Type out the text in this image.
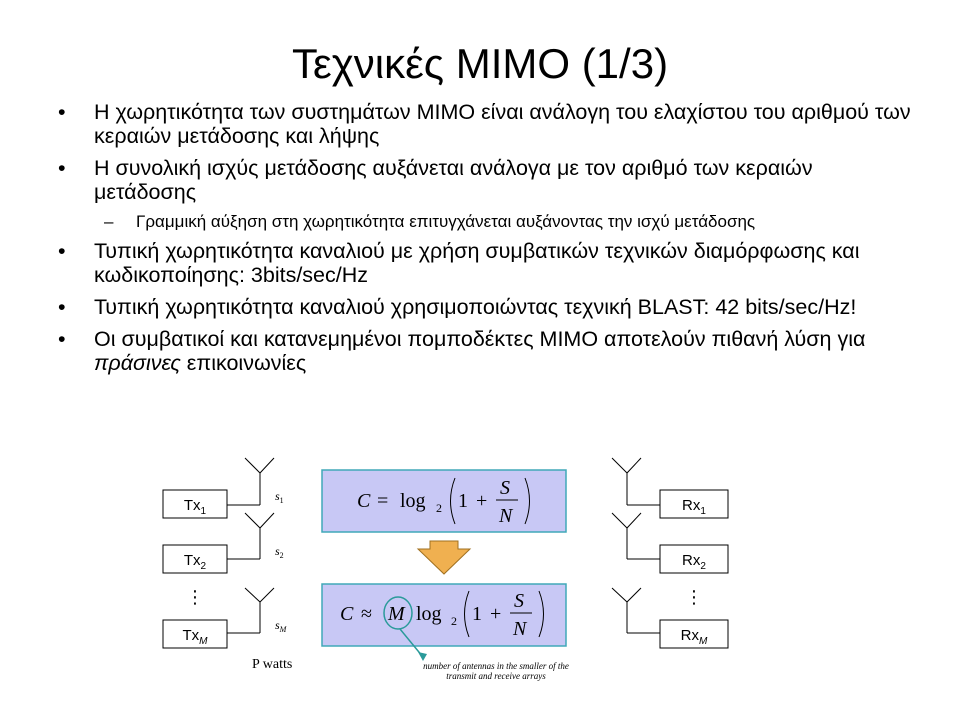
Τεχνικές MIMO (1/3)
• Η χωρητικότητα των συστημάτων MIMO είναι ανάλογη του ελαχίστου του αριθμού των κεραιών μετάδοσης και λήψης
• Η συνολική ισχύς μετάδοσης αυξάνεται ανάλογα με τον αριθμό των κεραιών μετάδοσης
– Γραμμική αύξηση στη χωρητικότητα επιτυγχάνεται αυξάνοντας την ισχύ μετάδοσης
• Τυπική χωρητικότητα καναλιού με χρήση συμβατικών τεχνικών διαμόρφωσης και κωδικοποίησης: 3bits/sec/Hz
• Τυπική χωρητικότητα καναλιού χρησιμοποιώντας τεχνική BLAST: 42 bits/sec/Hz!
• Οι συμβατικοί και κατανεμημένοι πομποδέκτες MIMO αποτελούν πιθανή λύση για πράσινες επικοινωνίες
$Tx_1$
$Tx_2$
$Tx_M$
$Rx_1$
$Rx_2$
$Rx_M$
⋮	⋮
$s_1$
$s_2$
$s_M$
P watts
C = log 2 1 +
S
N
C ≈ M log 2 1 +
S
N
number of antennas in the smaller of the
transmit and receive arrays
